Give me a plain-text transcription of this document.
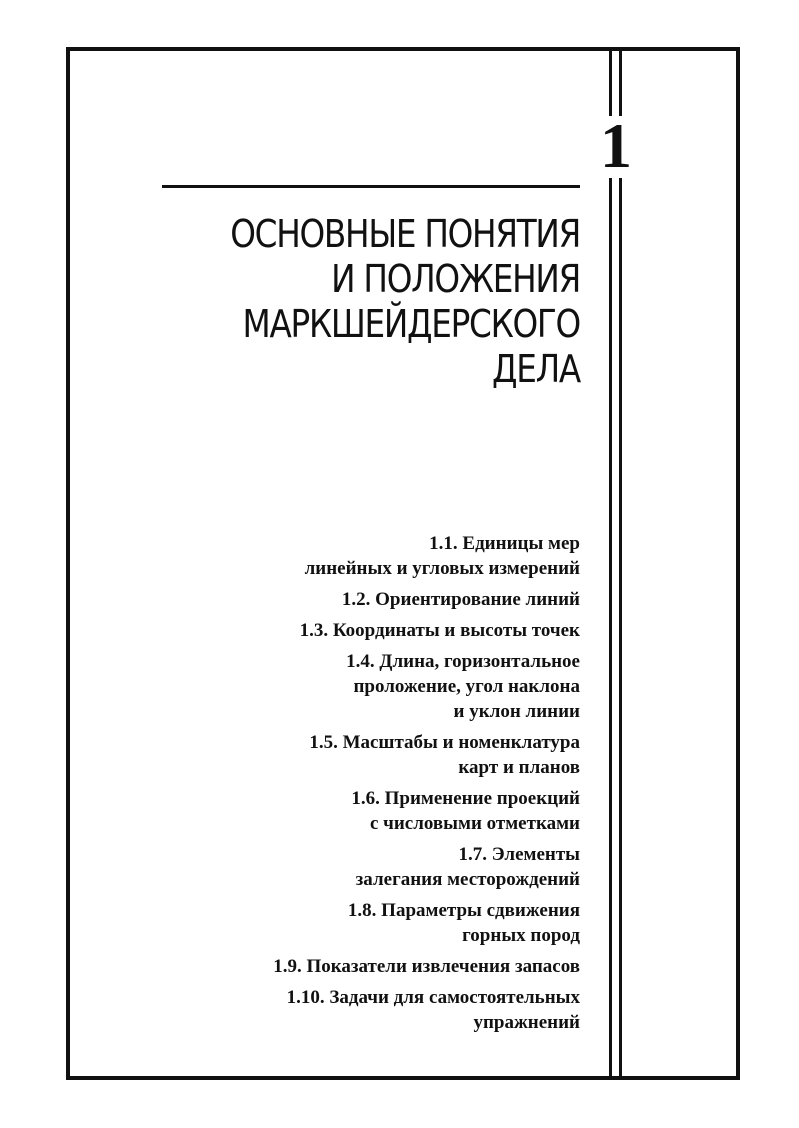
1
ОСНОВНЫЕ ПОНЯТИЯ
И ПОЛОЖЕНИЯ
МАРКШЕЙДЕРСКОГО
ДЕЛА
1.1. Единицы мер
линейных и угловых измерений
1.2. Ориентирование линий
1.3. Координаты и высоты точек
1.4. Длина, горизонтальное
проложение, угол наклона
и уклон линии
1.5. Масштабы и номенклатура
карт и планов
1.6. Применение проекций
с числовыми отметками
1.7. Элементы
залегания месторождений
1.8. Параметры сдвижения
горных пород
1.9. Показатели извлечения запасов
1.10. Задачи для самостоятельных
упражнений
